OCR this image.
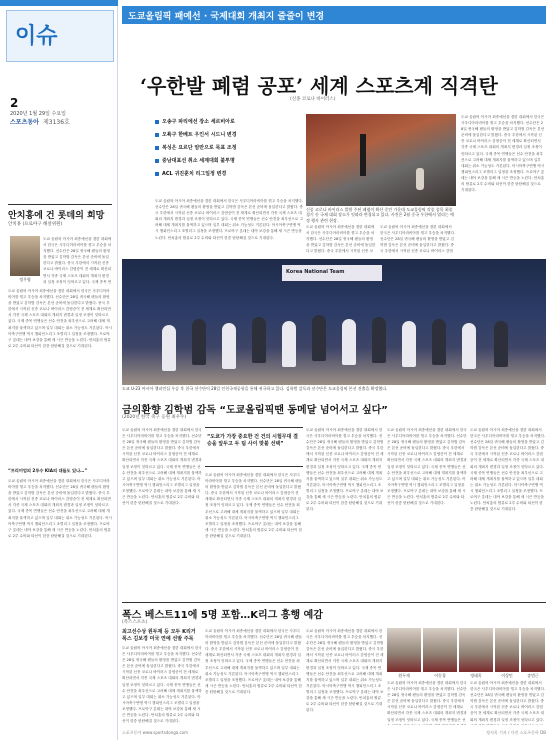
이슈
2
2020년 1월 29일 수요일
스포츠동아 제3136호
안치홍에 건 롯데의 희망
안치홍 (프로야구 해설위원)
정우영
도쿄 올림픽 아시아 최종예선을 겸한 대회에서 한국은 사우디아라비아를 꺾고 우승을 차지했다. 선수단은 28일 귀국해 팬들의 환영을 받았고 김학범 감독은 본선 준비에 돌입한다고 밝혔다. 중국 우한에서 시작된 신종 코로나 바이러스 감염증이 전 세계로 확산되면서 각종 국제 스포츠 대회의 개최지 변경과 일정 조정이 잇따르고 있다. 국제 종목 연
도쿄 올림픽 아시아 최종예선을 겸한 대회에서 한국은 사우디아라비아를 꺾고 우승을 차지했다. 선수단은 28일 귀국해 팬들의 환영을 받았고 김학범 감독은 본선 준비에 돌입한다고 밝혔다. 중국 우한에서 시작된 신종 코로나 바이러스 감염증이 전 세계로 확산되면서 각종 국제 스포츠 대회의 개최지 변경과 일정 조정이 잇따르고 있다. 국제 종목 연맹들은 선수 안전을 최우선으로 고려해 대체 개최지를 물색하고 있으며 일부 대회는 취소 가능성도 거론된다. 아시아축구연맹 역시 챔피언스리그 조별리그 일정을 조정했다. 프로야구 롯데는 내야 보강을 통해 새 시즌 반등을 노린다. 안치홍의 합류로 2루 수비와 타선이 한층 탄탄해질 것으로 기대된다.
“프리미엄의 2루수 KIA의 대들도 있나…”
도쿄 올림픽 아시아 최종예선을 겸한 대회에서 한국은 사우디아라비아를 꺾고 우승을 차지했다. 선수단은 28일 귀국해 팬들의 환영을 받았고 김학범 감독은 본선 준비에 돌입한다고 밝혔다. 중국 우한에서 시작된 신종 코로나 바이러스 감염증이 전 세계로 확산되면서 각종 국제 스포츠 대회의 개최지 변경과 일정 조정이 잇따르고 있다. 국제 종목 연맹들은 선수 안전을 최우선으로 고려해 대체 개최지를 물색하고 있으며 일부 대회는 취소 가능성도 거론된다. 아시아축구연맹 역시 챔피언스리그 조별리그 일정을 조정했다. 프로야구 롯데는 내야 보강을 통해 새 시즌 반등을 노린다. 안치홍의 합류로 2루 수비와 타선이 한층 탄탄해질 것으로 기대된다.
도쿄올림픽 패예선 · 국제대회 개최지 줄줄이 변경
‘우한발 폐렴 공포’ 세계 스포츠계 직격탄
(신종 코로나 바이러스)
오송구 파리에선 장소 세르비아로
오륙구 한베트 우인서 시드니 변경
복싱은 요르단 암만으로 목표 조정
중남대표선 취소 세계대회 불투명
ACL 귀진훈치 리그일정 변경
도쿄 올림픽 아시아 최종예선을 겸한 대회에서 한국은 사우디아라비아를 꺾고 우승을 차지했다. 선수단은 28일 귀국해 팬들의 환영을 받았고 김학범 감독은 본선 준비에 돌입한다고 밝혔다. 중국 우한에서 시작된 신종 코로나 바이러스 감염증이 전 세계로 확산되면서 각종 국제 스포츠 대회의 개최지 변경과 일정 조정이 잇따르고 있다. 국제 종목 연맹들은 선수 안전을 최우선으로 고려해 대체 개최지를 물색하고 있으며 일부 대회는 취소 가능성도 거론된다. 아시아축구연맹 역시 챔피언스리그 조별리그 일정을 조정했다. 프로야구 롯데는 내야 보강을 통해 새 시즌 반등을 노린다. 안치홍의 합류로 2루 수비와 타선이 한층 탄탄해질 것으로 기대된다.
신종 코로나 바이러스 발원 주된 폐렴이 확산 중인 가운데 도쿄올림픽 각종 종목 최종 경기 등 국제 대회 장소가 잇따라 변경되고 있다. 사진은 2월 중국 우한에서 열리는 예정 행사 관련 현장.
도쿄 올림픽 아시아 최종예선을 겸한 대회에서 한국은 사우디아라비아를 꺾고 우승을 차지했다. 선수단은 28일 귀국해 팬들의 환영을 받았고 김학범 감독은 본선 준비에 돌입한다고 밝혔다. 중국 우한에서 시작된 신종 코
도쿄 올림픽 아시아 최종예선을 겸한 대회에서 한국은 사우디아라비아를 꺾고 우승을 차지했다. 선수단은 28일 귀국해 팬들의 환영을 받았고 김학범 감독은 본선 준비에 돌입한다고 밝혔다. 중국 우한에서 시작된 신종 코로나 바이러스 감염
도쿄 올림픽 아시아 최종예선을 겸한 대회에서 한국은 사우디아라비아를 꺾고 우승을 차지했다. 선수단은 28일 귀국해 팬들의 환영을 받았고 김학범 감독은 본선 준비에 돌입한다고 밝혔다. 중국 우한에서 시작된 신종 코로나 바이러스 감염증이 전 세계로 확산되면서 각종 국제 스포츠 대회의 개최지 변경과 일정 조정이 잇따르고 있다. 국제 종목 연맹들은 선수 안전을 최우선으로 고려해 대체 개최지를 물색하고 있으며 일부 대회는 취소 가능성도 거론된다. 아시아축구연맹 역시 챔피언스리그 조별리그 일정을 조정했다. 프로야구 롯데는 내야 보강을 통해 새 시즌 반등을 노린다. 안치홍의 합류로 2루 수비와 타선이 한층 탄탄해질 것으로 기대된다.
Korea National Team
도쿄 U-23 아시아 챔피언십 우승 후 한국 선수단이 28일 인천국제공항을 통해 귀국하고 있다. 김학범 감독과 선수단은 도쿄올림픽 본선 진출을 확정했다.
금의환향 김학범 감독 “도쿄올림픽땐 동메달 넘어서고 싶다”
(2020년 한국 축구 응원 최우수)
도쿄 올림픽 아시아 최종예선을 겸한 대회에서 한국은 사우디아라비아를 꺾고 우승을 차지했다. 선수단은 28일 귀국해 팬들의 환영을 받았고 김학범 감독은 본선 준비에 돌입한다고 밝혔다. 중국 우한에서 시작된 신종 코로나 바이러스 감염증이 전 세계로 확산되면서 각종 국제 스포츠 대회의 개최지 변경과 일정 조정이 잇따르고 있다. 국제 종목 연맹들은 선수 안전을 최우선으로 고려해 대체 개최지를 물색하고 있으며 일부 대회는 취소 가능성도 거론된다. 아시아축구연맹 역시 챔피언스리그 조별리그 일정을 조정했다. 프로야구 롯데는 내야 보강을 통해 새 시즌 반등을 노린다. 안치홍의 합류로 2루 수비와 타선이 한층 탄탄해질 것으로 기대된다.
“도쿄가 가장 중요한 건 건의 시험무대 결승을 앞두고 두 팀 사이 맞불 선택”
도쿄 올림픽 아시아 최종예선을 겸한 대회에서 한국은 사우디아라비아를 꺾고 우승을 차지했다. 선수단은 28일 귀국해 팬들의 환영을 받았고 김학범 감독은 본선 준비에 돌입한다고 밝혔다. 중국 우한에서 시작된 신종 코로나 바이러스 감염증이 전 세계로 확산되면서 각종 국제 스포츠 대회의 개최지 변경과 일정 조정이 잇따르고 있다. 국제 종목 연맹들은 선수 안전을 최우선으로 고려해 대체 개최지를 물색하고 있으며 일부 대회는 취소 가능성도 거론된다. 아시아축구연맹 역시 챔피언스리그 조별리그 일정을 조정했다. 프로야구 롯데는 내야 보강을 통해 새 시즌 반등을 노린다. 안치홍의 합류로 2루 수비와 타선이 한층 탄탄해질 것으로 기대된다.
도쿄 올림픽 아시아 최종예선을 겸한 대회에서 한국은 사우디아라비아를 꺾고 우승을 차지했다. 선수단은 28일 귀국해 팬들의 환영을 받았고 김학범 감독은 본선 준비에 돌입한다고 밝혔다. 중국 우한에서 시작된 신종 코로나 바이러스 감염증이 전 세계로 확산되면서 각종 국제 스포츠 대회의 개최지 변경과 일정 조정이 잇따르고 있다. 국제 종목 연맹들은 선수 안전을 최우선으로 고려해 대체 개최지를 물색하고 있으며 일부 대회는 취소 가능성도 거론된다. 아시아축구연맹 역시 챔피언스리그 조별리그 일정을 조정했다. 프로야구 롯데는 내야 보강을 통해 새 시즌 반등을 노린다. 안치홍의 합류로 2루 수비와 타선이 한층 탄탄해질 것으로 기대된다.
도쿄 올림픽 아시아 최종예선을 겸한 대회에서 한국은 사우디아라비아를 꺾고 우승을 차지했다. 선수단은 28일 귀국해 팬들의 환영을 받았고 김학범 감독은 본선 준비에 돌입한다고 밝혔다. 중국 우한에서 시작된 신종 코로나 바이러스 감염증이 전 세계로 확산되면서 각종 국제 스포츠 대회의 개최지 변경과 일정 조정이 잇따르고 있다. 국제 종목 연맹들은 선수 안전을 최우선으로 고려해 대체 개최지를 물색하고 있으며 일부 대회는 취소 가능성도 거론된다. 아시아축구연맹 역시 챔피언스리그 조별리그 일정을 조정했다. 프로야구 롯데는 내야 보강을 통해 새 시즌 반등을 노린다. 안치홍의 합류로 2루 수비와 타선이 한층 탄탄해질 것으로 기대된다.
도쿄 올림픽 아시아 최종예선을 겸한 대회에서 한국은 사우디아라비아를 꺾고 우승을 차지했다. 선수단은 28일 귀국해 팬들의 환영을 받았고 김학범 감독은 본선 준비에 돌입한다고 밝혔다. 중국 우한에서 시작된 신종 코로나 바이러스 감염증이 전 세계로 확산되면서 각종 국제 스포츠 대회의 개최지 변경과 일정 조정이 잇따르고 있다. 국제 종목 연맹들은 선수 안전을 최우선으로 고려해 대체 개최지를 물색하고 있으며 일부 대회는 취소 가능성도 거론된다. 아시아축구연맹 역시 챔피언스리그 조별리그 일정을 조정했다. 프로야구 롯데는 내야 보강을 통해 새 시즌 반등을 노린다. 안치홍의 합류로 2루 수비와 타선이 한층 탄탄해질 것으로 기대된다.
폭스 베스트11에 5명 포함…K리그 흥행 예감
(폭스스포츠)
최고선수상 원두재 등 모두 K리거 폭스 김보경 미국 연예 선발 주목
도쿄 올림픽 아시아 최종예선을 겸한 대회에서 한국은 사우디아라비아를 꺾고 우승을 차지했다. 선수단은 28일 귀국해 팬들의 환영을 받았고 김학범 감독은 본선 준비에 돌입한다고 밝혔다. 중국 우한에서 시작된 신종 코로나 바이러스 감염증이 전 세계로 확산되면서 각종 국제 스포츠 대회의 개최지 변경과 일정 조정이 잇따르고 있다. 국제 종목 연맹들은 선수 안전을 최우선으로 고려해 대체 개최지를 물색하고 있으며 일부 대회는 취소 가능성도 거론된다. 아시아축구연맹 역시 챔피언스리그 조별리그 일정을 조정했다. 프로야구 롯데는 내야 보강을 통해 새 시즌 반등을 노린다. 안치홍의 합류로 2루 수비와 타선이 한층 탄탄해질 것으로 기대된다.
도쿄 올림픽 아시아 최종예선을 겸한 대회에서 한국은 사우디아라비아를 꺾고 우승을 차지했다. 선수단은 28일 귀국해 팬들의 환영을 받았고 김학범 감독은 본선 준비에 돌입한다고 밝혔다. 중국 우한에서 시작된 신종 코로나 바이러스 감염증이 전 세계로 확산되면서 각종 국제 스포츠 대회의 개최지 변경과 일정 조정이 잇따르고 있다. 국제 종목 연맹들은 선수 안전을 최우선으로 고려해 대체 개최지를 물색하고 있으며 일부 대회는 취소 가능성도 거론된다. 아시아축구연맹 역시 챔피언스리그 조별리그 일정을 조정했다. 프로야구 롯데는 내야 보강을 통해 새 시즌 반등을 노린다. 안치홍의 합류로 2루 수비와 타선이 한층 탄탄해질 것으로 기대된다.
도쿄 올림픽 아시아 최종예선을 겸한 대회에서 한국은 사우디아라비아를 꺾고 우승을 차지했다. 선수단은 28일 귀국해 팬들의 환영을 받았고 김학범 감독은 본선 준비에 돌입한다고 밝혔다. 중국 우한에서 시작된 신종 코로나 바이러스 감염증이 전 세계로 확산되면서 각종 국제 스포츠 대회의 개최지 변경과 일정 조정이 잇따르고 있다. 국제 종목 연맹들은 선수 안전을 최우선으로 고려해 대체 개최지를 물색하고 있으며 일부 대회는 취소 가능성도 거론된다. 아시아축구연맹 역시 챔피언스리그 조별리그 일정을 조정했다. 프로야구 롯데는 내야 보강을 통해 새 시즌 반등을 노린다. 안치홍의 합류로 2루 수비와 타선이 한층 탄탄해질 것으로 기대된다.
원두재	이동경	정태욱	이상민	송범근
도쿄 올림픽 아시아 최종예선을 겸한 대회에서 한국은 사우디아라비아를 꺾고 우승을 차지했다. 선수단은 28일 귀국해 팬들의 환영을 받았고 김학범 감독은 본선 준비에 돌입한다고 밝혔다. 중국 우한에서 시작된 신종 코로나 바이러스 감염증이 전 세계로 확산되면서 각종 국제 스포츠 대회의 개최지 변경과 일정 조정이 잇따르고 있다. 국제 종목 연맹들은 선
도쿄 올림픽 아시아 최종예선을 겸한 대회에서 한국은 사우디아라비아를 꺾고 우승을 차지했다. 선수단은 28일 귀국해 팬들의 환영을 받았고 김학범 감독은 본선 준비에 돌입한다고 밝혔다. 중국 우한에서 시작된 신종 코로나 바이러스 감염증이 전 세계로 확산되면서 각종 국제 스포츠 대회의 개최지 변경과 일정 조정이 잇따르고 있다.
스포츠동아 www.sportsdonga.com	정지욱 기자 / 사진 스포츠동아 DB
